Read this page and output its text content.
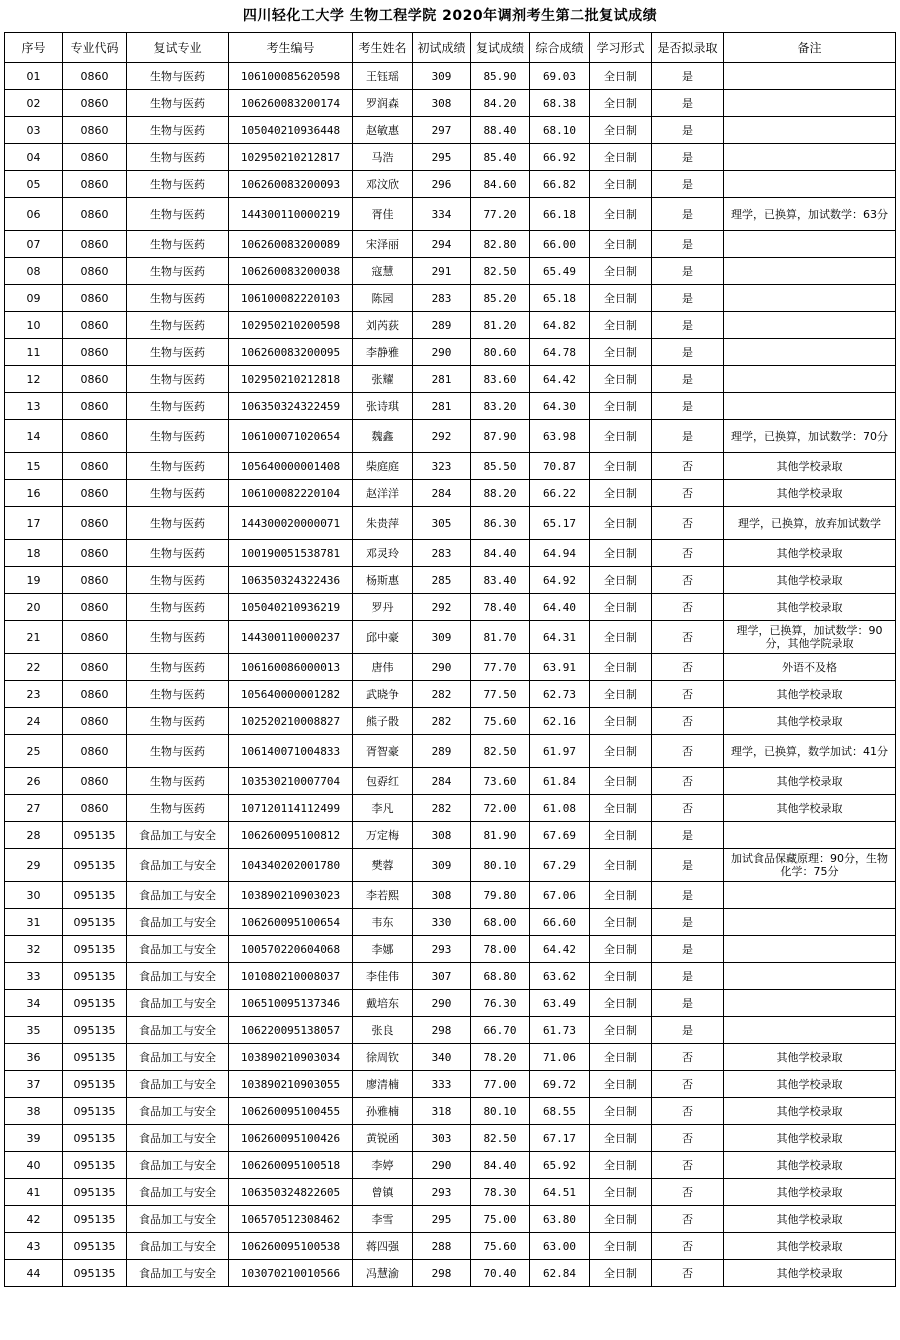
四川轻化工大学 生物工程学院 2020年调剂考生第二批复试成绩
序号	专业代码	复试专业	考生编号	考生姓名	初试成绩	复试成绩	综合成绩	学习形式	是否拟录取	备注
01	0860	生物与医药	106100085620598	王钰瑶	309	85.90	69.03	全日制	是	
02	0860	生物与医药	106260083200174	罗润森	308	84.20	68.38	全日制	是	
03	0860	生物与医药	105040210936448	赵敏惠	297	88.40	68.10	全日制	是	
04	0860	生物与医药	102950210212817	马浩	295	85.40	66.92	全日制	是	
05	0860	生物与医药	106260083200093	邓汶欣	296	84.60	66.82	全日制	是	
06	0860	生物与医药	144300110000219	胥佳	334	77.20	66.18	全日制	是	理学，已换算，加试数学：63分
07	0860	生物与医药	106260083200089	宋泽丽	294	82.80	66.00	全日制	是	
08	0860	生物与医药	106260083200038	寇慧	291	82.50	65.49	全日制	是	
09	0860	生物与医药	106100082220103	陈园	283	85.20	65.18	全日制	是	
10	0860	生物与医药	102950210200598	刘芮荻	289	81.20	64.82	全日制	是	
11	0860	生物与医药	106260083200095	李静雅	290	80.60	64.78	全日制	是	
12	0860	生物与医药	102950210212818	张耀	281	83.60	64.42	全日制	是	
13	0860	生物与医药	106350324322459	张诗琪	281	83.20	64.30	全日制	是	
14	0860	生物与医药	106100071020654	魏鑫	292	87.90	63.98	全日制	是	理学，已换算，加试数学：70分
15	0860	生物与医药	105640000001408	柴庭庭	323	85.50	70.87	全日制	否	其他学校录取
16	0860	生物与医药	106100082220104	赵洋洋	284	88.20	66.22	全日制	否	其他学校录取
17	0860	生物与医药	144300020000071	朱贵萍	305	86.30	65.17	全日制	否	理学，已换算，放弃加试数学
18	0860	生物与医药	100190051538781	邓灵玲	283	84.40	64.94	全日制	否	其他学校录取
19	0860	生物与医药	106350324322436	杨斯惠	285	83.40	64.92	全日制	否	其他学校录取
20	0860	生物与医药	105040210936219	罗丹	292	78.40	64.40	全日制	否	其他学校录取
21	0860	生物与医药	144300110000237	邱中豪	309	81.70	64.31	全日制	否	理学，已换算，加试数学：90分，其他学院录取
22	0860	生物与医药	106160086000013	唐伟	290	77.70	63.91	全日制	否	外语不及格
23	0860	生物与医药	105640000001282	武晓争	282	77.50	62.73	全日制	否	其他学校录取
24	0860	生物与医药	102520210008827	熊子骰	282	75.60	62.16	全日制	否	其他学校录取
25	0860	生物与医药	106140071004833	胥智豪	289	82.50	61.97	全日制	否	理学，已换算，数学加试：41分
26	0860	生物与医药	103530210007704	包孬红	284	73.60	61.84	全日制	否	其他学校录取
27	0860	生物与医药	107120114112499	李凡	282	72.00	61.08	全日制	否	其他学校录取
28	095135	食品加工与安全	106260095100812	万定梅	308	81.90	67.69	全日制	是	
29	095135	食品加工与安全	104340202001780	樊蓉	309	80.10	67.29	全日制	是	加试食品保藏原理：90分，生物化学：75分
30	095135	食品加工与安全	103890210903023	李若熙	308	79.80	67.06	全日制	是	
31	095135	食品加工与安全	106260095100654	韦东	330	68.00	66.60	全日制	是	
32	095135	食品加工与安全	100570220604068	李娜	293	78.00	64.42	全日制	是	
33	095135	食品加工与安全	101080210008037	李佳伟	307	68.80	63.62	全日制	是	
34	095135	食品加工与安全	106510095137346	戴培东	290	76.30	63.49	全日制	是	
35	095135	食品加工与安全	106220095138057	张良	298	66.70	61.73	全日制	是	
36	095135	食品加工与安全	103890210903034	徐周钦	340	78.20	71.06	全日制	否	其他学校录取
37	095135	食品加工与安全	103890210903055	廖清楠	333	77.00	69.72	全日制	否	其他学校录取
38	095135	食品加工与安全	106260095100455	孙雅楠	318	80.10	68.55	全日制	否	其他学校录取
39	095135	食品加工与安全	106260095100426	黄锐函	303	82.50	67.17	全日制	否	其他学校录取
40	095135	食品加工与安全	106260095100518	李婷	290	84.40	65.92	全日制	否	其他学校录取
41	095135	食品加工与安全	106350324822605	曾镇	293	78.30	64.51	全日制	否	其他学校录取
42	095135	食品加工与安全	106570512308462	李雪	295	75.00	63.80	全日制	否	其他学校录取
43	095135	食品加工与安全	106260095100538	蒋四强	288	75.60	63.00	全日制	否	其他学校录取
44	095135	食品加工与安全	103070210010566	冯慧渝	298	70.40	62.84	全日制	否	其他学校录取
